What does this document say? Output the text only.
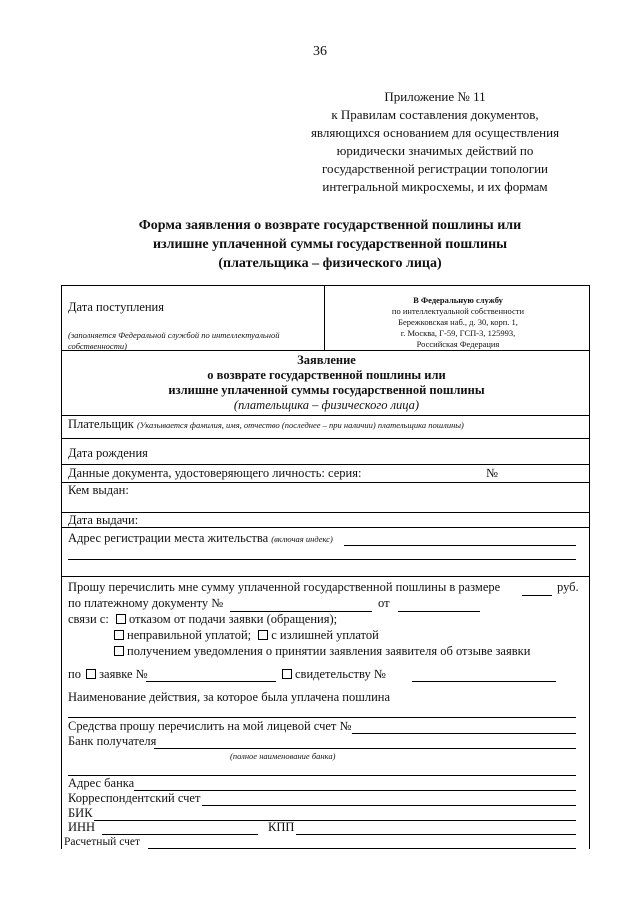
36
Приложение № 11
к Правилам составления документов,
являющихся основанием для осуществления
юридически значимых действий по
государственной регистрации топологии
интегральной микросхемы, и их формам
Форма заявления о возврате государственной пошлины или
излишне уплаченной суммы государственной пошлины
(плательщика – физического лица)
Дата поступления
(заполняется Федеральной службой по интеллектуальной собственности)
В Федеральную службу
по интеллектуальной собственности
Бережковская наб., д. 30, корп. 1,
г. Москва, Г-59, ГСП-3, 125993,
Российская Федерация
Заявление
о возврате государственной пошлины или
излишне уплаченной суммы государственной пошлины
(плательщика – физического лица)
Плательщик (Указывается фамилия, имя, отчество (последнее – при наличии) плательщика пошлины)
Дата рождения
Данные документа, удостоверяющего личность: серия:	№
Кем выдан:
Дата выдачи:
Адрес регистрации места жительства (включая индекс)
Прошу перечислить мне сумму уплаченной государственной пошлины в размере	руб.
по платежному документу №	от
связи с: отказом от подачи заявки (обращения);
неправильной уплатой; с излишней уплатой
получением уведомления о принятии заявления заявителя об отзыве заявки
по заявке №	свидетельству №
Наименование действия, за которое была уплачена пошлина
Средства прошу перечислить на мой лицевой счет №
Банк получателя
(полное наименование банка)
Адрес банка
Корреспондентский счет
БИК
ИНН	КПП
Расчетный счет
